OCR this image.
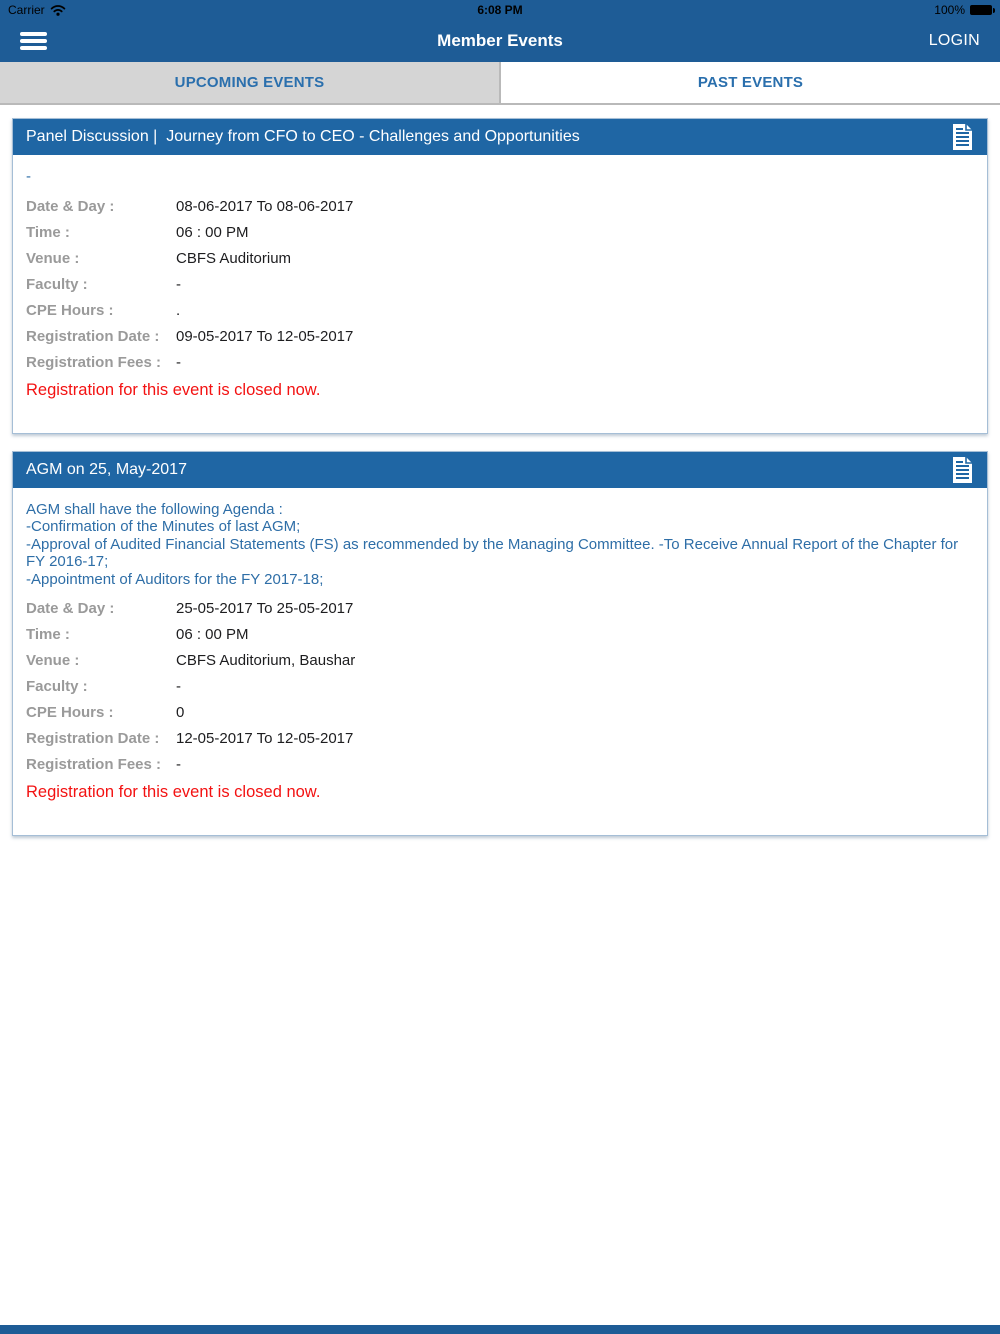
Carrier	6:08 PM	100%
Member Events	LOGIN
UPCOMING EVENTS	PAST EVENTS
Panel Discussion |  Journey from CFO to CEO - Challenges and Opportunities
-
Date & Day :	08-06-2017 To 08-06-2017
Time :	06 : 00 PM
Venue :	CBFS Auditorium
Faculty :	-
CPE Hours :	.
Registration Date :	09-05-2017 To 12-05-2017
Registration Fees : -
Registration for this event is closed now.
AGM on 25, May-2017
AGM shall have the following Agenda :
-Confirmation of the Minutes of last AGM;
-Approval of Audited Financial Statements (FS) as recommended by the Managing Committee. -To Receive Annual Report of the Chapter for FY 2016-17;
-Appointment of Auditors for the FY 2017-18;
Date & Day :	25-05-2017 To 25-05-2017
Time :	06 : 00 PM
Venue :	CBFS Auditorium, Baushar
Faculty :	-
CPE Hours :	0
Registration Date :	12-05-2017 To 12-05-2017
Registration Fees : -
Registration for this event is closed now.
